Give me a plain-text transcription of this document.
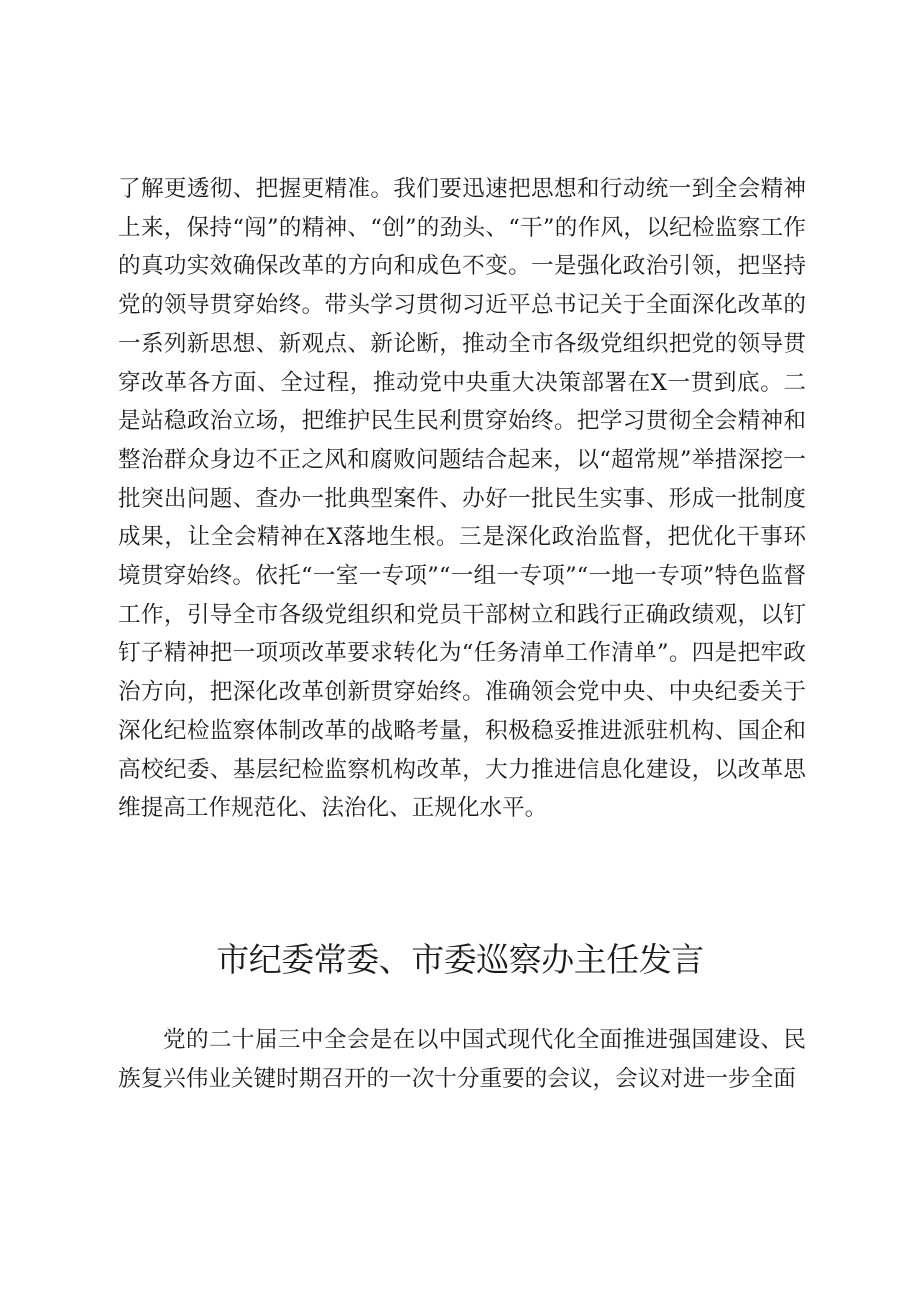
了解更透彻、把握更精准。我们要迅速把思想和行动统一到全会精神上来，保持“闯”的精神、“创”的劲头、“干”的作风，以纪检监察工作的真功实效确保改革的方向和成色不变。一是强化政治引领，把坚持党的领导贯穿始终。带头学习贯彻习近平总书记关于全面深化改革的一系列新思想、新观点、新论断，推动全市各级党组织把党的领导贯穿改革各方面、全过程，推动党中央重大决策部署在X一贯到底。二是站稳政治立场，把维护民生民利贯穿始终。把学习贯彻全会精神和整治群众身边不正之风和腐败问题结合起来，以“超常规”举措深挖一批突出问题、查办一批典型案件、办好一批民生实事、形成一批制度成果，让全会精神在X落地生根。三是深化政治监督，把优化干事环境贯穿始终。依托“一室一专项”“一组一专项”“一地一专项”特色监督工作，引导全市各级党组织和党员干部树立和践行正确政绩观，以钉钉子精神把一项项改革要求转化为“任务清单工作清单”。四是把牢政治方向，把深化改革创新贯穿始终。准确领会党中央、中央纪委关于深化纪检监察体制改革的战略考量，积极稳妥推进派驻机构、国企和高校纪委、基层纪检监察机构改革，大力推进信息化建设，以改革思维提高工作规范化、法治化、正规化水平。

市纪委常委、市委巡察办主任发言

党的二十届三中全会是在以中国式现代化全面推进强国建设、民族复兴伟业关键时期召开的一次十分重要的会议，会议对进一步全面
